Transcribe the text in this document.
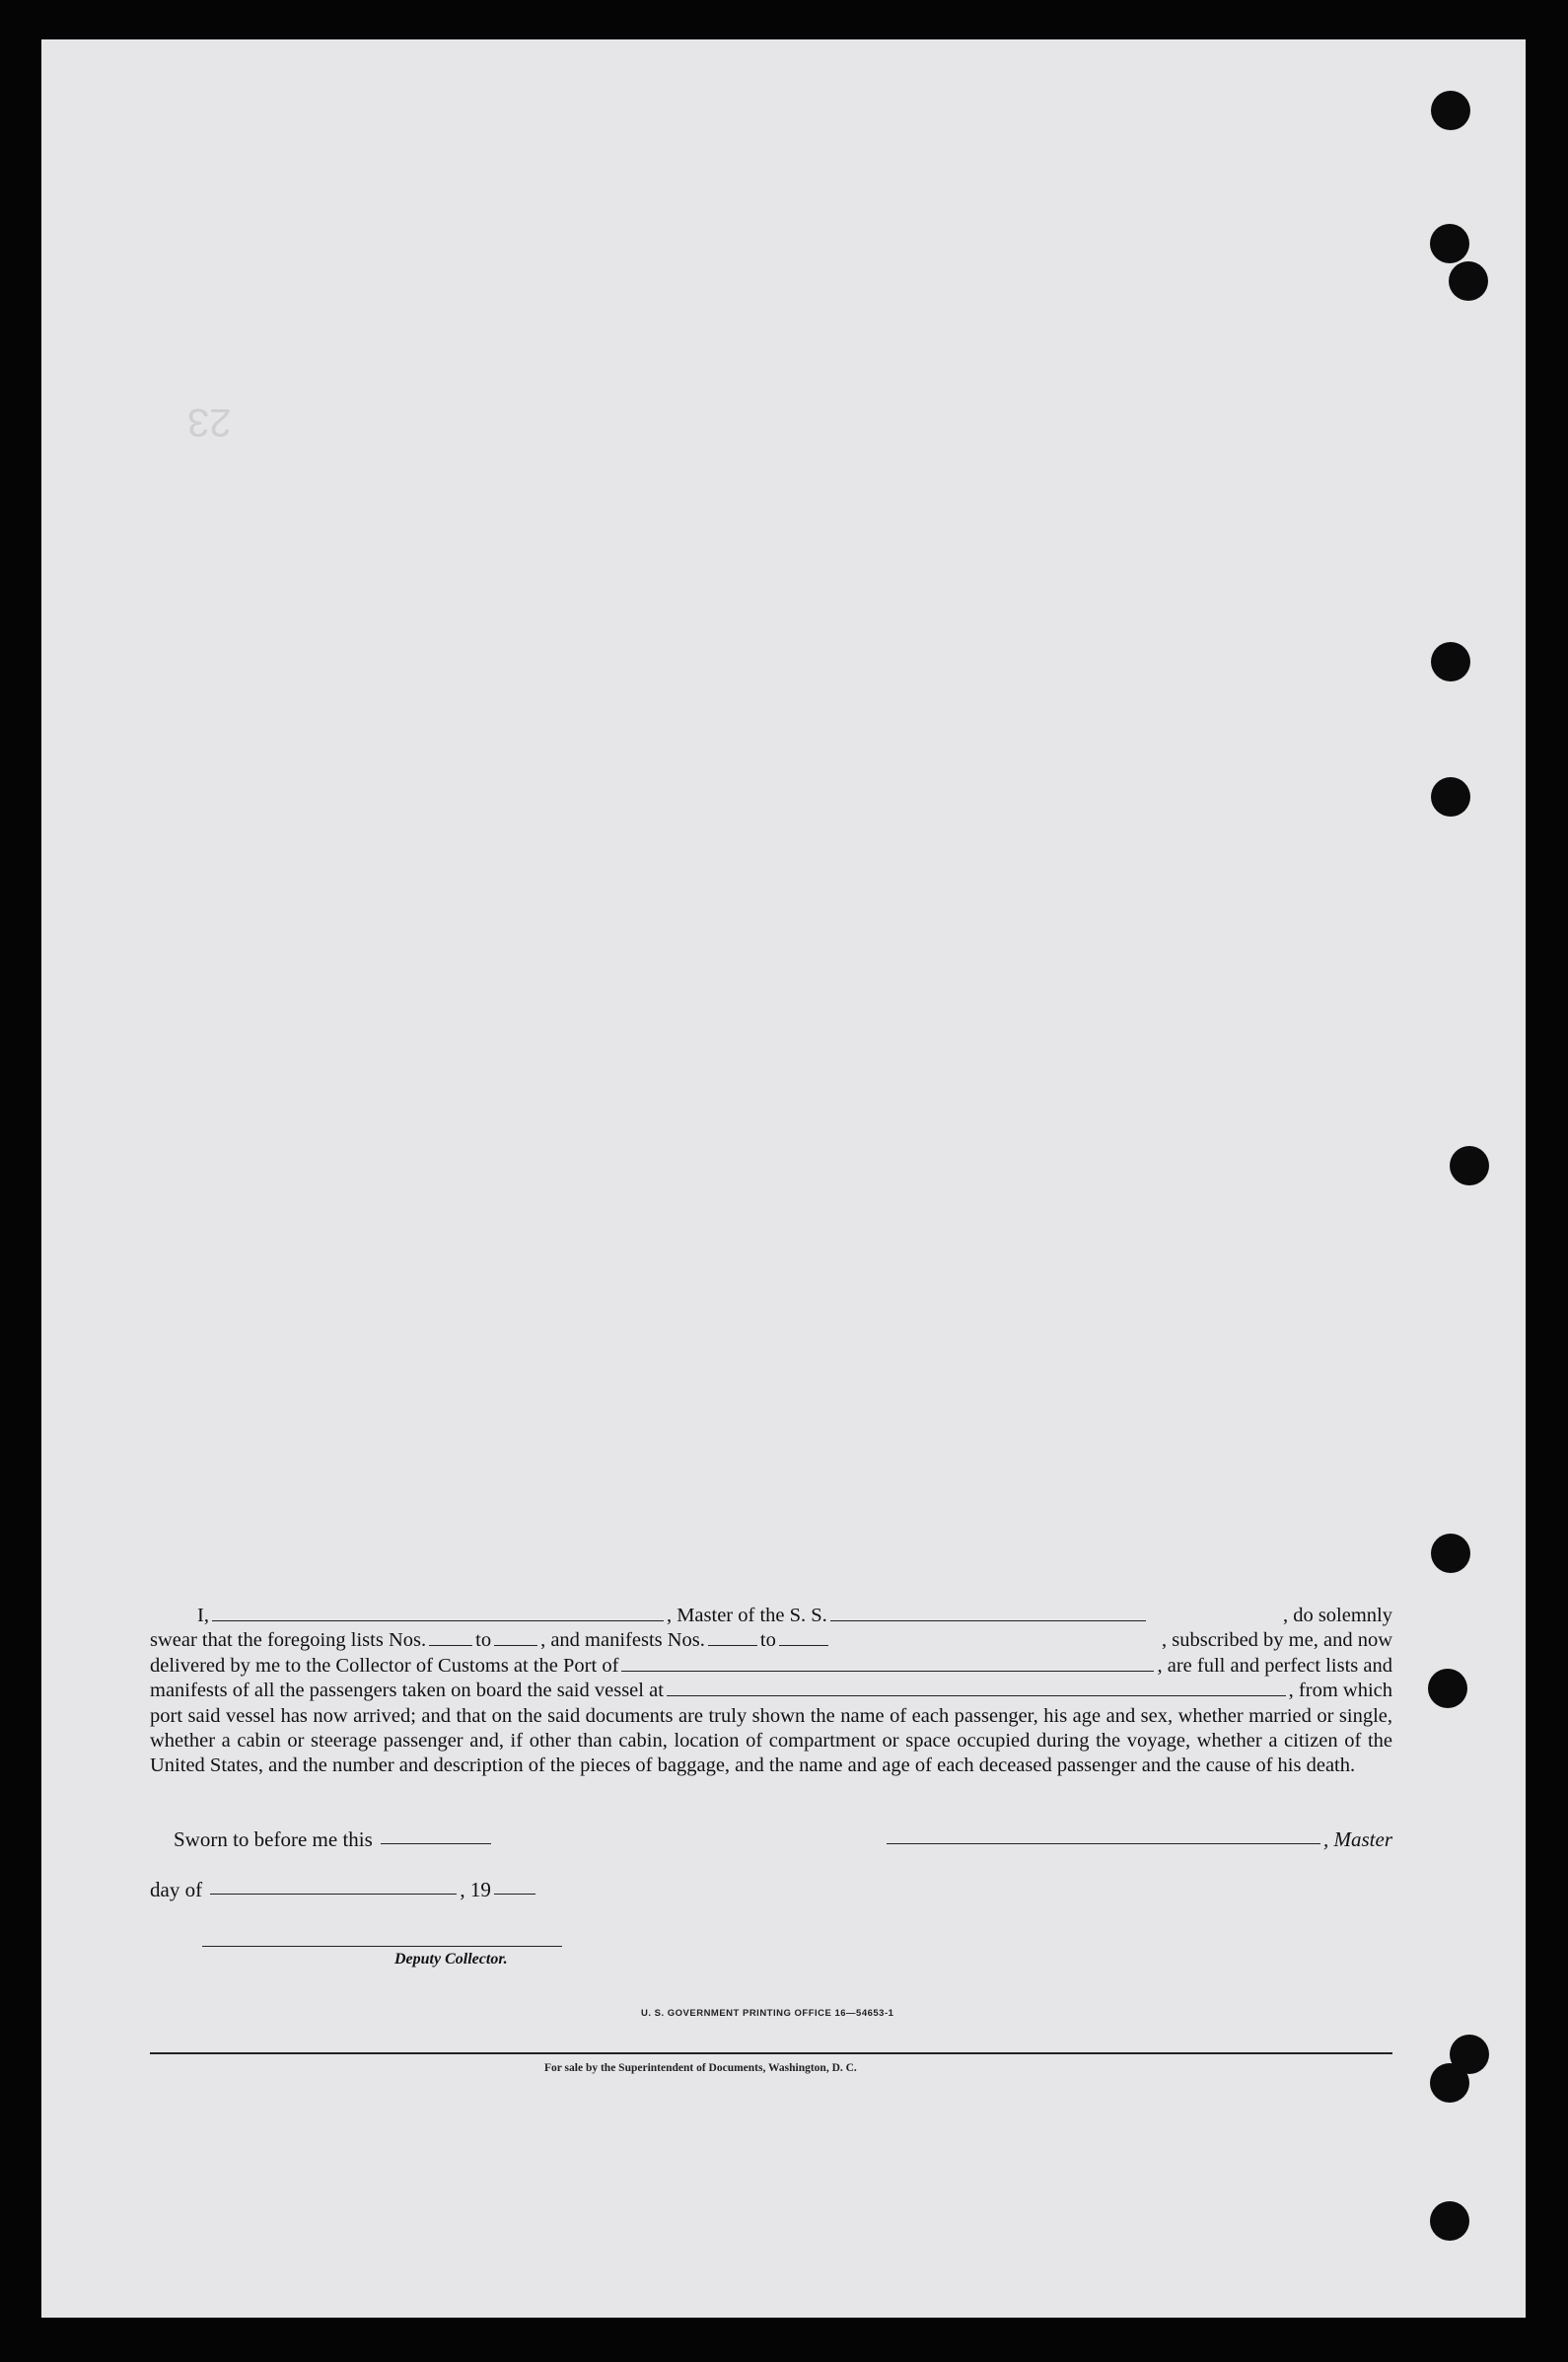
23
I,	, Master of the S. S.	, do solemnly
swear that the foregoing lists Nos. to , and manifests Nos.	to	, subscribed by me, and now
delivered by me to the Collector of Customs at the Port of	, are full and perfect lists and
manifests of all the passengers taken on board the said vessel at	, from which
port said vessel has now arrived; and that on the said documents are truly shown the name of each passenger, his age and sex, whether married or single, whether a cabin or steerage passenger and, if other than cabin, location of compartment or space occupied during the voyage, whether a citizen of the United States, and the number and description of the pieces of baggage, and the name and age of each deceased passenger and the cause of his death.
Sworn to before me this	, Master
day of	, 19
Deputy Collector.
U. S. GOVERNMENT PRINTING OFFICE 16—54653-1
For sale by the Superintendent of Documents, Washington, D. C.
